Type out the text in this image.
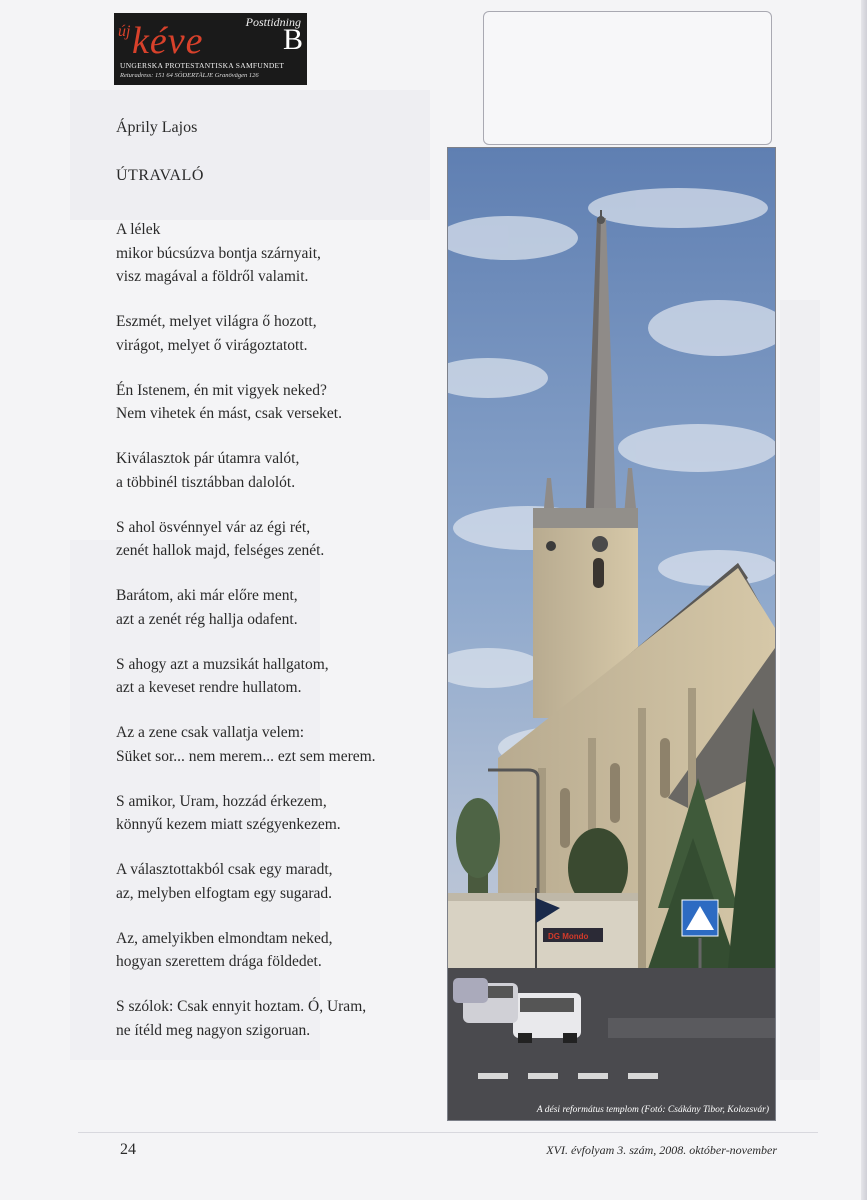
Posttidning
új kéve	B
UNGERSKA PROTESTANTISKA SAMFUNDET
Returadress: 151 64 SÖDERTÄLJE Granövägen 126
Áprily Lajos
ÚTRAVALÓ
A lélek
mikor búcsúzva bontja szárnyait,
visz magával a földről valamit.
Eszmét, melyet világra ő hozott,
virágot, melyet ő virágoztatott.
Én Istenem, én mit vigyek neked?
Nem vihetek én mást, csak verseket.
Kiválasztok pár útamra valót,
a többinél tisztábban dalolót.
S ahol ösvénnyel vár az égi rét,
zenét hallok majd, felséges zenét.
Barátom, aki már előre ment,
azt a zenét rég hallja odafent.
S ahogy azt a muzsikát hallgatom,
azt a keveset rendre hullatom.
Az a zene csak vallatja velem:
Süket sor... nem merem... ezt sem merem.
S amikor, Uram, hozzád érkezem,
könnyű kezem miatt szégyenkezem.
A választottakból csak egy maradt,
az, melyben elfogtam egy sugarad.
Az, amelyikben elmondtam neked,
hogyan szerettem drága földedet.
S szólok: Csak ennyit hoztam. Ó, Uram,
ne ítéld meg nagyon szigoruan.
DG Mondo
A dési református templom (Fotó: Csákány Tibor, Kolozsvár)
24	XVI. évfolyam 3. szám, 2008. október-november
